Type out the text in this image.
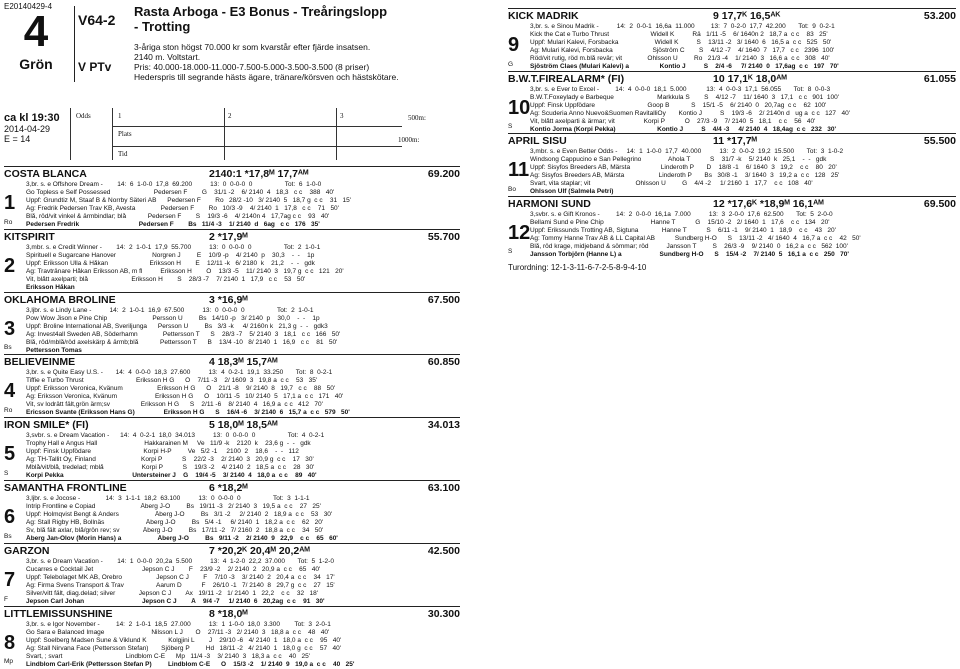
E20140429-4
4
Grön
V64-2
V PTv
Rasta Arboga - E3 Bonus - Treåringslopp
- Trotting
3-åriga ston högst 70.000 kr som kvarstår efter fjärde insatsen.
2140 m. Voltstart.
Pris: 40.000-18.000-11.000-7.500-5.000-3.500-3.500 (8 priser)
Hederspris till segrande hästs ägare, tränare/körsven och hästskötare.
ca kl 19:30
2014-04-29
E = 14
Odds	1	2	3	500m:
Plats
Tid
1000m:
COSTA BLANCA	2140:1 *17,8ᴹ 17,7ᴬᴹ	69.200
1
Ro
3,br. s. e Offshore Dream -        14:  6  1-0-0  17,8  69.200          13:  0  0-0-0  0                  Tot:  6  1-0-0
Go Topless e Self Possessed                        Pedersen F        G    31/1 -2    6/ 2140  4   18,3   c c    388   40'
Uppf: Grundtiz M, Staaf B & Norrby Säteri AB      Pedersen F        Ro   28/2 -10   3/ 2140  5   18,7 g  c c    31   15'
Äg: Fredrik Pedersen Trav KB, Avesta              Pedersen F        Ro   10/3 -9    4/ 2140  1   17,8   c c    71   50'
Blå, röd/vit vinkel & ärmbindlar; blå            Pedersen F        S    19/3 -6    4/ 2140n 4   17,7ag c c    93   40'
Pedersen Fredrik                                 Pedersen F        Bs   11/4 -3    1/ 2140  d   6ag   c c   176   35'
KITSPIRIT	2 *17,9ᴹ	55.700
2
3,mbr. s. e Credit Winner -        14:  2  1-0-1  17,9  55.700          13:  0  0-0-0  0                  Tot:  2  1-0-1
Spirituell e Sugarcane Hanover                    Norgren J         E    10/9 -p    4/ 2140  p    30,3    -  -    1p
Uppf: Eriksson Ulla & Håkan                       Eriksson H        E    12/11 -k   6/ 2180  k    21,2    -  -   gdk
Äg: Travtränare Håkan Eriksson AB, m fl          Eriksson H        Ö    13/3 -5    11/ 2140  3   19,7 g  c c   121   20'
Vit, blått axelparti; blå                        Eriksson H        S    28/3 -7    7/ 2140  1   17,9   c c    53   50'
Eriksson Håkan
OKLAHOMA BROLINE	3 *16,9ᴹ	67.500
3
Bs
3,ljbr. s. e Lindy Lane -          14:  2  1-0-1  16,9  67.500          13:  0  0-0-0  0                  Tot:  2  1-0-1
Pow Wow Jison e Pine Chip                         Persson U         Bs   14/10 -p   3/ 2140  p    30,0    -  -    1p
Uppf: Broline International AB, Sveriljunga      Persson U         Bs   3/3 -k     4/ 2160n k   21,3 g  -  -   gdk3
Äg: Invest4all Sweden AB, Söderhamn              Pettersson T      S    28/3 -7    5/ 2140  3   18,1   c c   166   50'
Blå, röd/mblå/röd axelskärp & ärmb;blå            Pettersson T      B    13/4 -10   8/ 2140  1   16,9   c c    81   50'
Pettersson Tomas
BELIEVEINME	4 18,3ᴹ 15,7ᴬᴹ	60.850
4
Ro
3,br. s. e Quite Easy U.S. -       14:  4  0-0-0  18,3  27.600          13:  4  0-2-1  19,1  33.250       Tot:  8  0-2-1
Tiffie e Turbo Thrust                             Eriksson H G      Ö    7/11 -3    2/ 1609  3   19,8 a  c c    53   35'
Uppf: Eriksson Veronica, Kvänum                   Eriksson H G      Ö    21/1 -8    9/ 2140  8   19,7   c c    88   50'
Äg: Eriksson Veronica, Kvänum                     Eriksson H G      Ö    10/11 -5   10/ 2140  5   17,1 a  c c   171   40'
Vit, sv lodrätt fält,grön ärm;sv                 Eriksson H G      S    2/11 -6    8/ 2140  4   16,9 a  c c   412   70'
Ericsson Svante (Eriksson Hans G)                Eriksson H G      S    16/4 -6    3/ 2140  6   15,7 a  c c   579   50'
IRON SMILE* (FI)	5 18,0ᴹ 18,5ᴬᴹ	34.013
5
S
3,svbr. s. e Dream Vacation -      14:  4  0-2-1  18,0  34.013          13:  0  0-0-0  0                  Tot:  4  0-2-1
Trophy Hall e Angus Hall                          Hakkarainen M     Ve   11/9 -k    2120  k    23,6 g  -  -   gdk
Uppf: Finsk Uppfödare                             Korpi H-P         Ve   5/2 -1     2100  2    18,6    -  -   112
Äg: TH-Tallit Oy, Finland                         Korpi P           S    22/2 -3    2/ 2140  3   20,9 g  c c    17   30'
Mblå/vit/blå, tredelad; mblå                     Korpi P           S    19/3 -2    4/ 2140  2   18,5 a  c c    28   30'
Korpi Pekka                                      Untersteiner J    G    19/4 -5    3/ 2140  4   18,0 a  c c    89   40'
SAMANTHA FRONTLINE	6 *18,2ᴹ	63.100
6
Bs
3,ljbr. s. e Jocose -              14:  3  1-1-1  18,2  63.100          13:  0  0-0-0  0                  Tot:  3  1-1-1
Intrip Frontline e Copiad                         Åberg J-O         Bs   19/11 -3   2/ 2140  3   19,5 a  c c    27   25'
Uppf: Holmqvist Bengt & Anders                    Åberg J-O         Bs   3/1 -2     2/ 2140  2   18,9 a  c c    53   30'
Äg: Stall Rigby HB, Bollnäs                       Åberg J-O         Bs   5/4 -1     6/ 2140  1   18,2 a  c c    62   20'
Sv, blå fält axlar, blå/grön rev; sv             Åberg J-O         Bs   17/11 -2   7/ 2160  2   18,8 a  c c    34   50'
Åberg Jan-Olov (Morin Hans) a                    Åberg J-O         Bs   9/11 -2    2/ 2140  9   22,9    c c    65   60'
GARZON	7 *20,2ᴷ 20,4ᴹ 20,2ᴬᴹ	42.500
7
F
3,br. s. e Dream Vacation -        14:  1  0-0-0  20,2a  5.500          13:  4  1-2-0  22,2  37.000       Tot:  5  1-2-0
Cucarres e Cocktail Jet                           Jepson C J        F    23/9 -2    2/ 2140  2   20,9 a  c c    65   40'
Uppf: Telebolaget MK AB, Örebro                   Jepson C J        F    7/10 -3    3/ 2140  2   20,4 a  c c    34   17'
Äg: Firma Svens Transport & Trav                  Aarum D           F    26/10 -1   7/ 2140  8   29,7 g  c c    27   15'
Silver/vitt fält, diag.delad; silver             Jepson C J        Ax   19/11 -2   1/ 2140  1   22,2    c c    32   18'
Jepson Carl Johan                                Jepson C J        Å    9/4 -7     1/ 2140  6   20,2ag  c c    91   30'
LITTLEMISSUNSHINE	8 *18,0ᴹ	30.300
8
Mp
3,br. s. e Igor November -         14:  2  1-0-1  18,5  27.000          13:  1  1-0-0  18,0  3.300        Tot:  3  2-0-1
Go Sara e Balanced Image                          Nilsson L J       Ö    27/11 -3   2/ 2140  3   18,8 a  c c    48   40'
Uppf: Soelberg Madsen Sune & Viklund K            Kolgjini L        J    29/10 -6   4/ 2140  1   18,0 a  c c    95   40'
Äg: Stall Nirvana Face (Pettersson Stefan)       Sjöberg P         Hd   18/11 -2   4/ 2140  1   18,0 g  c c    57   40'
Svart, ; svart                                   Lindblom C-E      Mp   11/4 -3    3/ 2140  3   18,3 a  c c    40   25'
Lindblom Carl-Erik (Pettersson Stefan P)         Lindblom C-E      Ö    15/3 -2    1/ 2140  9   19,0 a  c c    40   25'
KICK MADRIK	9 17,7ᴷ 16,5ᴬᴷ	53.200
9
G
3,br. s. e Sinou Madrik -          14:  2  0-0-1  16,6a  11.000         13:  7  0-2-0  17,7  42.200       Tot:  9  0-2-1
Kick the Cat e Turbo Thrust                       Widell K          Rä   1/11 -5    6/ 1640n 2   18,7 a  c c    83   25'
Uppf: Mulari Kalevi, Forsbacka                    Widell K          S    13/11 -2   3/ 1640  6   16,5 a  c c   525   50'
Äg: Mulari Kalevi, Forsbacka                      Sjöström C        S    4/12 -7    4/ 1640  7   17,7   c c   2396  100'
Röd/vit rutig, röd m.blå revär; vit              Ohlsson U         Ro   21/3 -4    1/ 2140  3   16,6 a  c c   308   40'
Sjöström Claes (Mulari Kalevi) a                 Kontio J          S    2/4 -6     7/ 2140  0   17,6ag  c c   197   70'
B.W.T.FIREALARM* (FI)	10 17,1ᴷ 18,0ᴬᴹ	61.055
10
S
3,br. s. e Ever to Excel -         14:  4  0-0-0  18,1  5.000           13:  4  0-0-3  17,1  56.055       Tot:  8  0-0-3
B.W.T.Foxeylady e Barbeque                        Markkula S        S    4/12 -7    11/ 1640  3   17,1   c c   901  100'
Uppf: Finsk Uppfödare                             Goop B            S    15/1 -5    6/ 2140  0   20,7ag  c c    62  100'
Äg: Scuderia Anno Nuevo&Suomen RavitalliOy       Kontio J          S    19/3 -6    2/ 2140n d   ug a  c c   127   40'
Vit, blått axelparti & ärmar; vit                Korpi P           Ö    27/3 -9    7/ 2140  5   18,1    c c    56   40'
Kontio Jorma (Korpi Pekka)                       Kontio J          S    4/4 -3     4/ 2140  4   18,4ag  c c   232   30'
APRIL SISU	11 *17,7ᴹ	55.500
11
Bo
3,mbr. s. e Even Better Odds -     14:  1  1-0-0  17,7  40.000          13:  2  0-0-2  19,2  15.500       Tot:  3  1-0-2
Windsong Cappucino e San Pellegrino               Ahola T           S    31/7 -k    5/ 2140  k   25,1    -  -   gdk
Uppf: Sisyfos Breeders AB, Märsta                 Linderoth P       D    18/8 -1    6/ 1640  3   19,2    c c    80   20'
Äg: Sisyfos Breeders AB, Märsta                   Linderoth P       Bs   30/8 -1    3/ 1640  3   19,2 a  c c   128   25'
Svart, vita staplar; vit                         Ohlsson U         G    4/4 -2     1/ 2160  1   17,7    c c   108   40'
Ohlsson Ulf (Salmela Petri)
HARMONI SUND	12 *17,6ᴷ *18,9ᴹ 16,1ᴬᴹ	69.500
12
S
3,svbr. s. e Gift Kronos -         14:  2  0-0-0  16,1a  7.000          13:  3  2-0-0  17,6  62.500       Tot:  5  2-0-0
Bellami Sund e Pine Chip                          Hanne T           G    15/10 -2   2/ 1640  1   17,6    c c   134   20'
Uppf: Erikssunds Trotting AB, Sigtuna             Hanne T           S    6/11 -1    9/ 2140  1   18,9    c c    43   20'
Äg: Tommy Hanne Trav AB & LL Capital AB           Sundberg H-O      S    13/11 -2   4/ 1640  4   16,7 a  c c    42   50'
Blå, röd krage, midjeband & sömmar; röd          Jansson T         S    26/3 -9    9/ 2140  0   16,2 a  c c   562  100'
Jansson Torbjörn (Hanne L) a                     Sundberg H-O      S    15/4 -2    7/ 2140  5   16,1 a  c c   250   70'
Turordning: 12-1-3-11-6-7-2-5-8-9-4-10
